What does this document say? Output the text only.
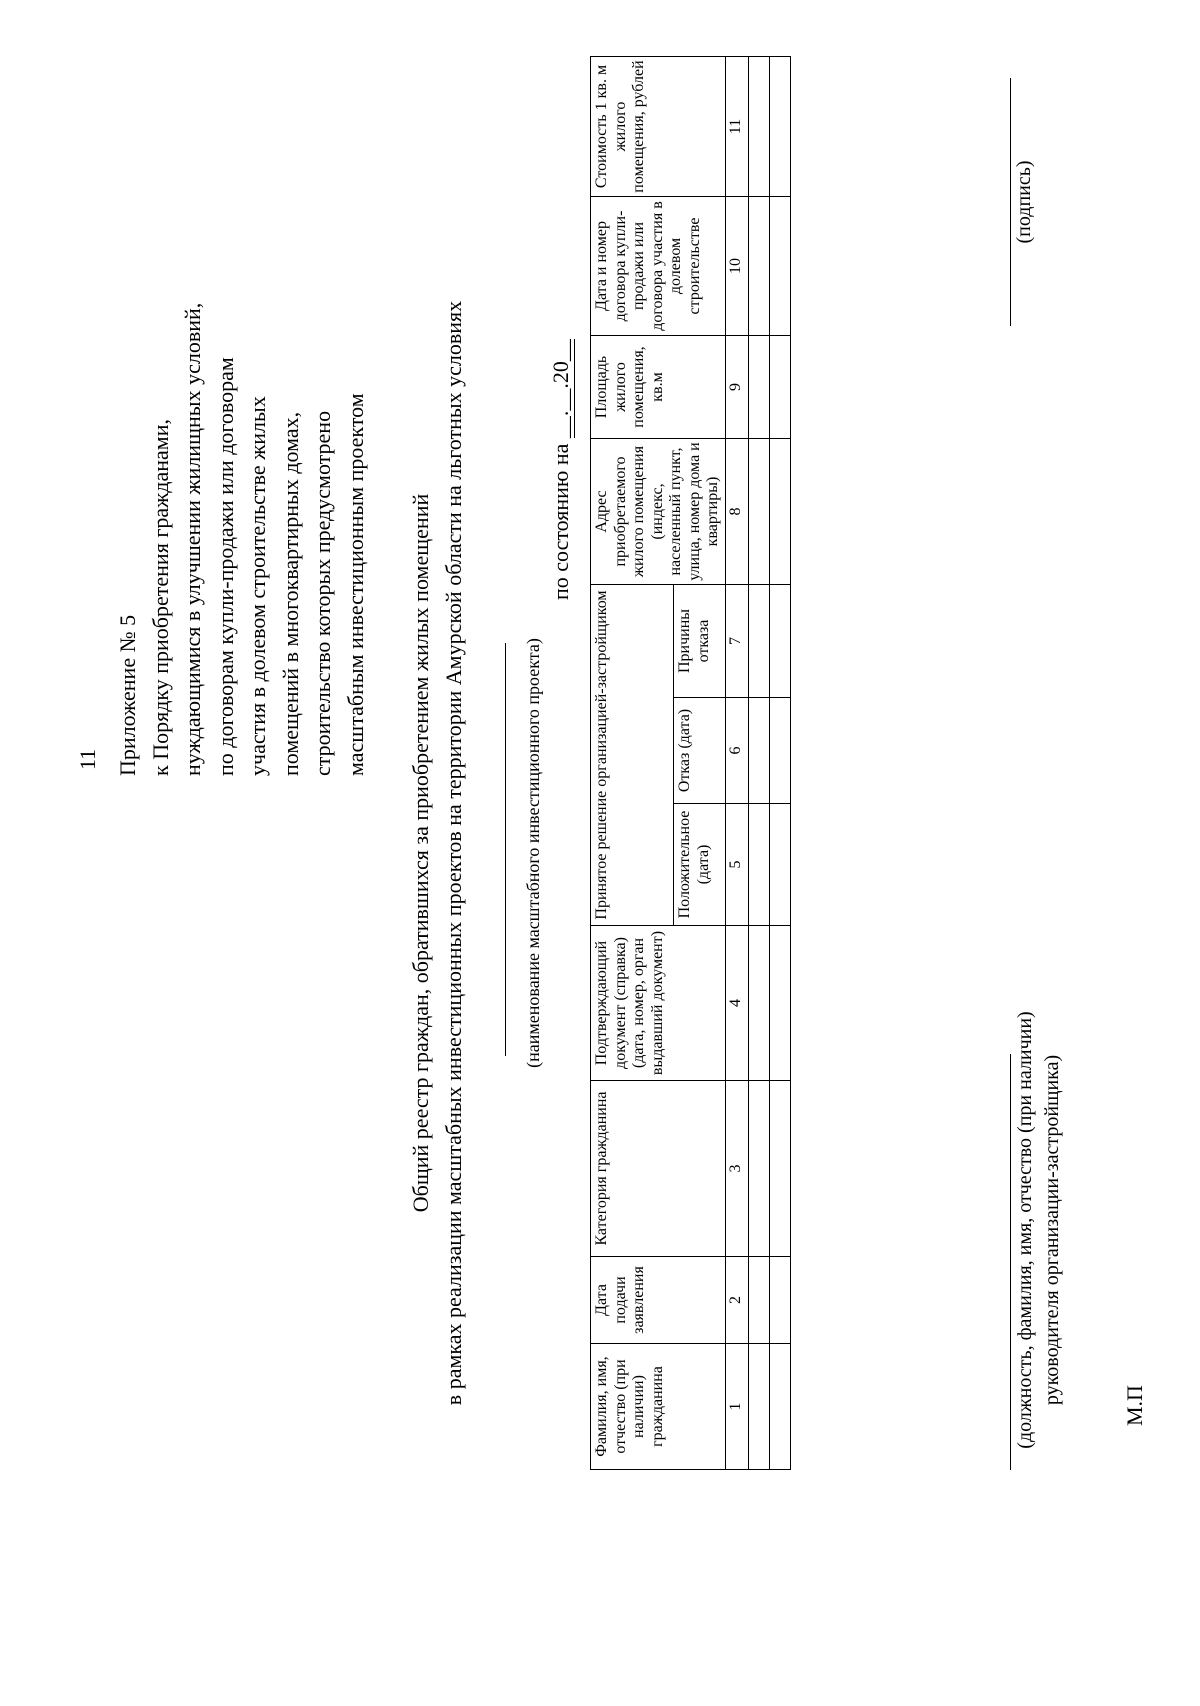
11 Приложение № 5 к Порядку приобретения гражданами, нуждающимися в улучшении жилищных условий, по договорам купли-продажи или договорам участия в долевом строительстве жилых помещений в многоквартирных домах, строительство которых предусмотрено масштабным инвестиционным проектом Общий реестр граждан, обратившихся за приобретением жилых помещений в рамках реализации масштабных инвестиционных проектов на территории Амурской области на льготных условиях	(наименование масштабного инвестиционного проекта)
по состоянию на __.__.20__
Фамилия, имя, отчество (при наличии) гражданина	Дата подачи заявления	Категория гражданина	Подтверждающий документ (справка) (дата, номер, орган выдавший документ)	Принятое решение организацией-застройщиком			Адрес приобретаемого жилого помещения (индекс, населенный пункт, улица, номер дома и квартиры)	Площадь жилого помещения, кв.м	Дата и номер договора купли-продажи или договора участия в долевом строительстве	Стоимость 1 кв. м жилого помещения, рублей
				Положительное (дата)	Отказ (дата)	Причины отказа				
1	2	3	4	5	6	7	8	9	10	11

(должность, фамилия, имя, отчество (при наличии) руководителя организации-застройщика)
(подпись)
М.П
